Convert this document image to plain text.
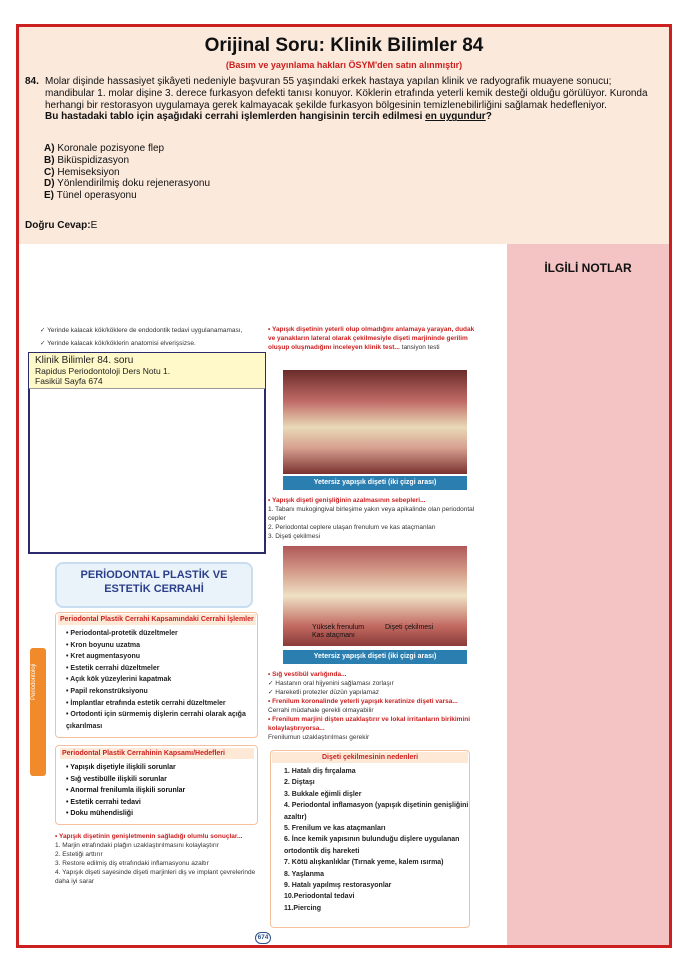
Orijinal Soru: Klinik Bilimler 84
(Basım ve yayınlama hakları ÖSYM'den satın alınmıştır)
84. Molar dişinde hassasiyet şikâyeti nedeniyle başvuran 55 yaşındaki erkek hastaya yapılan klinik ve radyografik muayene sonucu; mandibular 1. molar dişine 3. derece furkasyon defekti tanısı konuyor. Köklerin etrafında yeterli kemik desteği olduğu görülüyor. Kuronda herhangi bir restorasyon uygulamaya gerek kalmayacak şekilde furkasyon bölgesinin temizlenebilirliğini sağlamak hedefleniyor.
Bu hastadaki tablo için aşağıdaki cerrahi işlemlerden hangisinin tercih edilmesi en uygundur?
A) Koronale pozisyone flep
B) Biküspidizasyon
C) Hemiseksiyon
D) Yönlendirilmiş doku rejenerasyonu
E) Tünel operasyonu
Doğru Cevap:E
İLGİLİ NOTLAR
✓ Yerinde kalacak kök/köklere de endodontik tedavi uygulanamaması,
✓ Yerinde kalacak kök/köklerin anatomisi elverişsizse.
Klinik Bilimler 84. soru
Rapidus Periodontoloji Ders Notu 1.
Fasikül Sayfa 674
PERİODONTAL PLASTİK VE ESTETİK CERRAHİ
Periodontoloji
Periodontal Plastik Cerrahi Kapsamındaki Cerrahi İşlemler
• Periodontal-protetik düzeltmeler
• Kron boyunu uzatma
• Kret augmentasyonu
• Estetik cerrahi düzeltmeler
• Açık kök yüzeylerini kapatmak
• Papil rekonstrüksiyonu
• İmplantlar etrafında estetik cerrahi düzeltmeler
• Ortodonti için sürmemiş dişlerin cerrahi olarak açığa çıkarılması
Periodontal Plastik Cerrahinin Kapsamı/Hedefleri
• Yapışık dişetiyle ilişkili sorunlar
• Sığ vestibülle ilişkili sorunlar
• Anormal frenilumla ilişkili sorunlar
• Estetik cerrahi tedavi
• Doku mühendisliği
• Yapışık dişetinin genişletmenin sağladığı olumlu sonuçlar...
1. Marjin etrafındaki plağın uzaklaştırılmasını kolaylaştırır
2. Estetiği arttırır
3. Restore edilmiş diş etrafındaki inflamasyonu azaltır
4. Yapışık dişeti sayesinde dişeti marjinleri diş ve implant çevrelerinde daha iyi sarar
• Yapışık dişetinin yeterli olup olmadığını anlamaya yarayan, dudak ve yanakların lateral olarak çekilmesiyle dişeti marjininde gerilim oluşup oluşmadığını inceleyen klinik test... tansiyon testi
Yetersiz yapışık dişeti (iki çizgi arası)
• Yapışık dişeti genişliğinin azalmasının sebepleri...
1. Tabanı mukogingival birleşime yakın veya apikalinde olan periodontal cepler
2. Periodontal ceplere ulaşan frenulum ve kas ataçmanları
3. Dişeti çekilmesi
Yüksek frenulum
Kas ataçmanı
Dişeti çekilmesi
Yetersiz yapışık dişeti (iki çizgi arası)
• Sığ vestibül varlığında...
✓ Hastanın oral hijyenini sağlaması zorlaşır
✓ Hareketli protezler düzün yapılamaz
• Frenilum koronalinde yeterli yapışık keratinize dişeti varsa...
Cerrahi müdahale gerekli olmayabilir
• Frenilum marjini dişten uzaklaştırır ve lokal irritanların birikimini kolaylaştırıyorsa...
Frenilumun uzaklaştırılması gerekir
Dişeti çekilmesinin nedenleri
1. Hatalı diş fırçalama
2. Diştaşı
3. Bukkale eğimli dişler
4. Periodontal inflamasyon (yapışık dişetinin genişliğini azaltır)
5. Frenilum ve kas ataçmanları
6. İnce kemik yapısının bulunduğu dişlere uygulanan ortodontik diş hareketi
7. Kötü alışkanlıklar (Tırnak yeme, kalem ısırma)
8. Yaşlanma
9. Hatalı yapılmış restorasyonlar
10.Periodontal tedavi
11.Piercing
674
